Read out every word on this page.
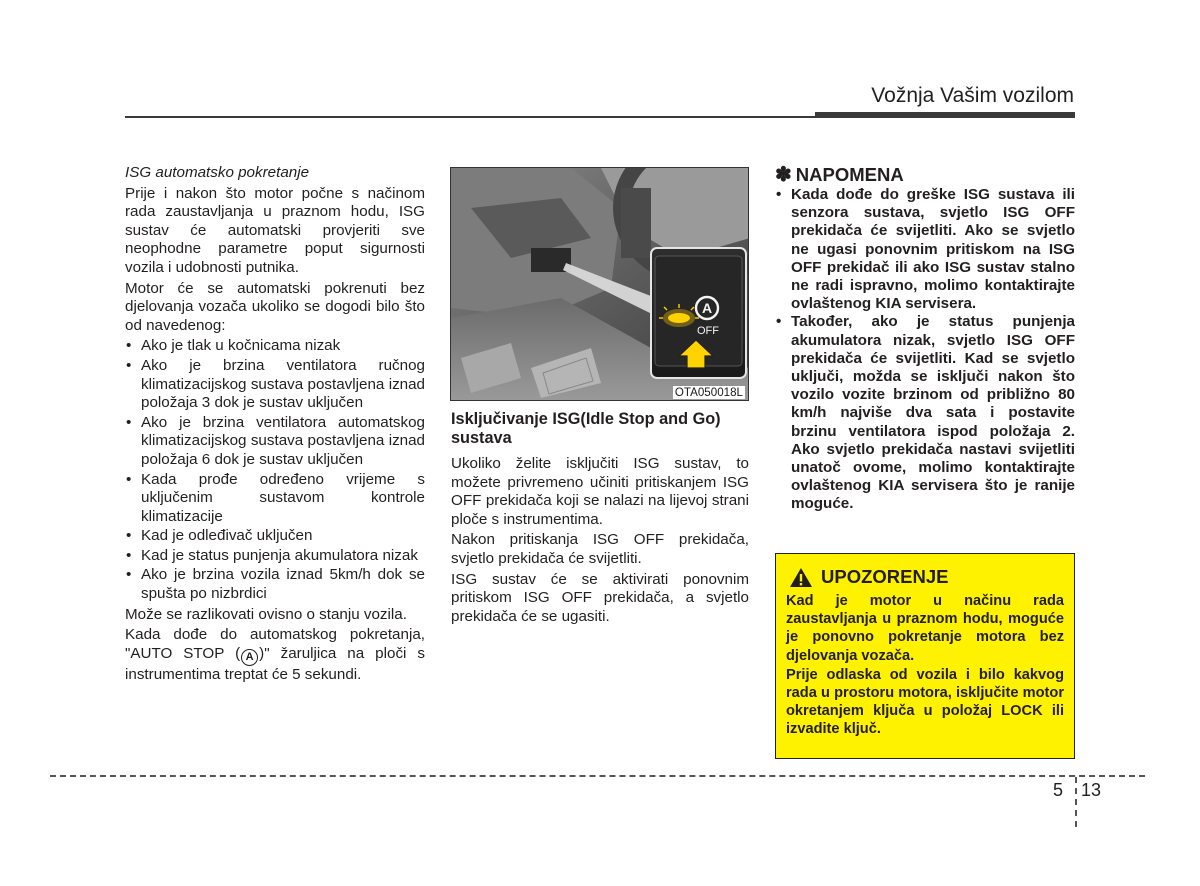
Vožnja Vašim vozilom

ISG automatsko pokretanje

Prije i nakon što motor počne s načinom rada zaustavljanja u praznom hodu, ISG sustav će automatski provjeriti sve neophodne parametre poput sigurnosti vozila i udobnosti putnika.

Motor će se automatski pokrenuti bez djelovanja vozača ukoliko se dogodi bilo što od navedenog:

• Ako je tlak u kočnicama nizak
• Ako je brzina ventilatora ručnog klimatizacijskog sustava postavljena iznad položaja 3 dok je sustav uključen
• Ako je brzina ventilatora automatskog klimatizacijskog sustava postavljena iznad položaja 6 dok je sustav uključen
• Kada prođe određeno vrijeme s uključenim sustavom kontrole klimatizacije
• Kad je odleđivač uključen
• Kad je status punjenja akumulatora nizak
• Ako je brzina vozila iznad 5km/h dok se spušta po nizbrdici

Može se razlikovati ovisno o stanju vozila.

Kada dođe do automatskog pokretanja, "AUTO STOP ( A )" žaruljica na ploči s instrumentima treptat će 5 sekundi.

A
OFF
OTA050018L
Isključivanje ISG(Idle Stop and Go) sustava

Ukoliko želite isključiti ISG sustav, to možete privremeno učiniti pritiskanjem ISG OFF prekidača koji se nalazi na lijevoj strani ploče s instrumentima.

Nakon pritiskanja ISG OFF prekidača, svjetlo prekidača će svijetliti.

ISG sustav će se aktivirati ponovnim pritiskom ISG OFF prekidača, a svjetlo prekidača će se ugasiti.

✽ NAPOMENA
• Kada dođe do greške ISG sustava ili senzora sustava, svjetlo ISG OFF prekidača će svijetliti. Ako se svjetlo ne ugasi ponovnim pritiskom na ISG OFF prekidač ili ako ISG sustav stalno ne radi ispravno, molimo kontaktirajte ovlaštenog KIA servisera.
• Također, ako je status punjenja akumulatora nizak, svjetlo ISG OFF prekidača će svijetliti. Kad se svjetlo uključi, možda se isključi nakon što vozilo vozite brzinom od približno 80 km/h najviše dva sata i postavite brzinu ventilatora ispod položaja 2. Ako svjetlo prekidača nastavi svijetliti unatoč ovome, molimo kontaktirajte ovlaštenog KIA servisera što je ranije moguće.
UPOZORENJE

Kad je motor u načinu rada zaustavljanja u praznom hodu, moguće je ponovno pokretanje motora bez djelovanja vozača.

Prije odlaska od vozila i bilo kakvog rada u prostoru motora, isključite motor okretanjem ključa u položaj LOCK ili izvadite ključ.

5 13
